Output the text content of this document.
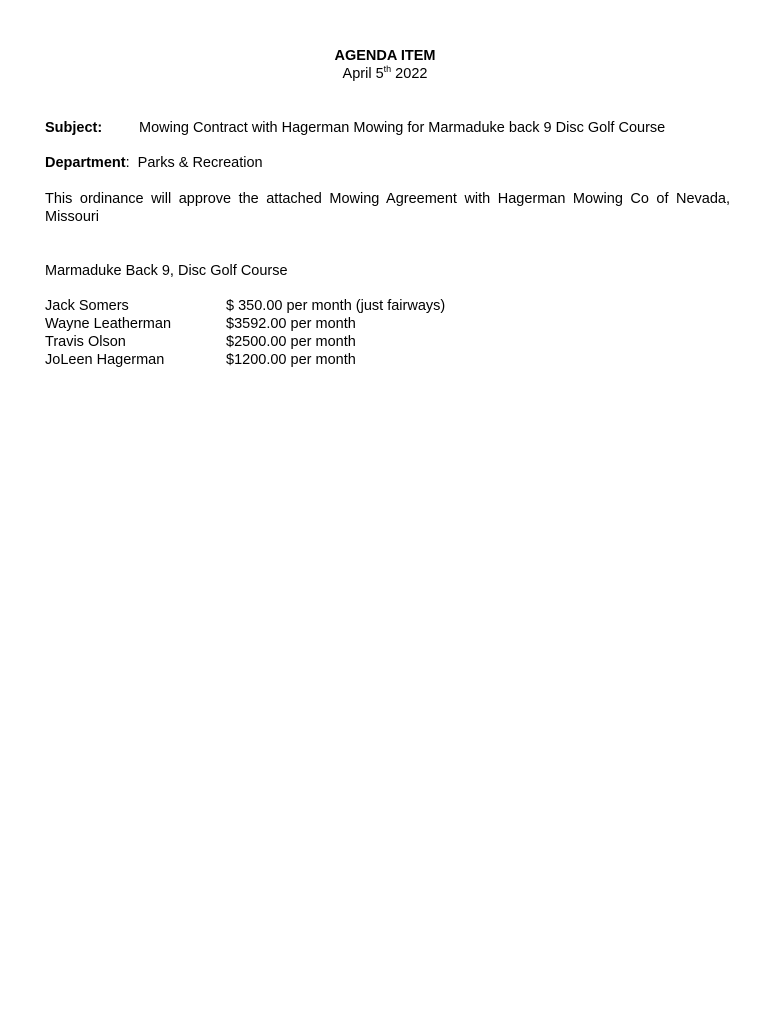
AGENDA ITEM
April 5th 2022
Subject:	Mowing Contract with Hagerman Mowing for Marmaduke back 9 Disc Golf Course
Department:  Parks & Recreation
This ordinance will approve the attached Mowing Agreement with Hagerman Mowing Co of Nevada, Missouri
Marmaduke Back 9, Disc Golf Course
Jack Somers	$ 350.00 per month (just fairways)
Wayne Leatherman	$3592.00 per month
Travis Olson	$2500.00 per month
JoLeen Hagerman	$1200.00 per month
